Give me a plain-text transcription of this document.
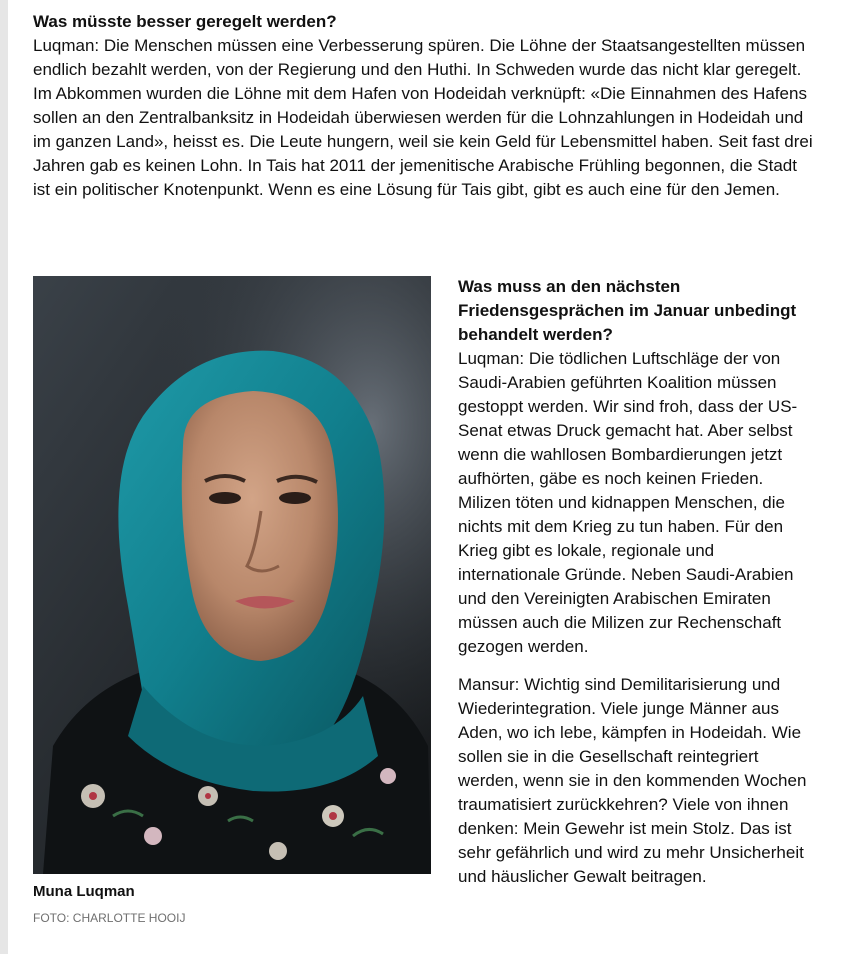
Was müsste besser geregelt werden?

Luqman: Die Menschen müssen eine Verbesserung spüren. Die Löhne der Staatsangestellten müssen endlich bezahlt werden, von der Regierung und den Huthi. In Schweden wurde das nicht klar geregelt. Im Abkommen wurden die Löhne mit dem Hafen von Hodeidah verknüpft: «Die Einnahmen des Hafens sollen an den Zentralbanksitz in Hodeidah überwiesen werden für die Lohnzahlungen in Hodeidah und im ganzen Land», heisst es. Die Leute hungern, weil sie kein Geld für Lebensmittel haben. Seit fast drei Jahren gab es keinen Lohn. In Tais hat 2011 der jemenitische Arabische Frühling begonnen, die Stadt ist ein politischer Knotenpunkt. Wenn es eine Lösung für Tais gibt, gibt es auch eine für den Jemen.

Muna Luqman

FOTO: CHARLOTTE HOOIJ

Was muss an den nächsten Friedensgesprächen im Januar unbedingt behandelt werden?

Luqman: Die tödlichen Luftschläge der von Saudi-Arabien geführten Koalition müssen gestoppt werden. Wir sind froh, dass der US-Senat etwas Druck gemacht hat. Aber selbst wenn die wahllosen Bombardierungen jetzt aufhörten, gäbe es noch keinen Frieden. Milizen töten und kidnappen Menschen, die nichts mit dem Krieg zu tun haben. Für den Krieg gibt es lokale, regionale und internationale Gründe. Neben Saudi-Arabien und den Vereinigten Arabischen Emiraten müssen auch die Milizen zur Rechenschaft gezogen werden.

Mansur: Wichtig sind Demilitarisierung und Wiederintegration. Viele junge Männer aus Aden, wo ich lebe, kämpfen in Hodeidah. Wie sollen sie in die Gesellschaft reintegriert werden, wenn sie in den kommenden Wochen traumatisiert zurückkehren? Viele von ihnen denken: Mein Gewehr ist mein Stolz. Das ist sehr gefährlich und wird zu mehr Unsicherheit und häuslicher Gewalt beitragen.
